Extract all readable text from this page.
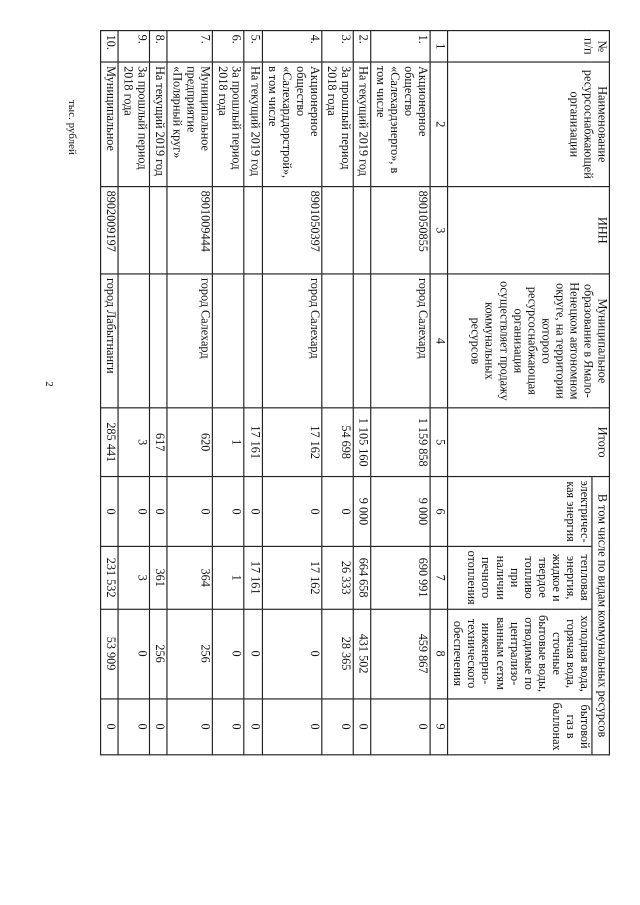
2
тыс. рублей
№ п/п	Наименование ресурсоснабжающей организации	ИНН	Муниципальное образование в Ямало-Ненецком автономном округе, на территории которого ресурсоснабжающая организация осуществляет продажу коммунальных ресурсов	Итого	В том числе по видам коммунальных ресурсов			
					электричес-кая энергия	тепловая энергия, жидкое и твердое топливо при наличии печного отопления	холодная вода, горячая вода, сточные бытовые воды, отводимые по централизо-ванным сетям инженерно-технического обеспечения	бытовой газ в баллонах
1	2	3	4	5	6	7	8	9
1.	Акционерное общество «Салехардэнерго», в том числе	8901050855	город Салехард	1 159 858	9 000	690 991	459 867	0
2.	На текущий 2019 год			1 105 160	9 000	664 658	431 502	0
3.	За прошлый период 2018 года			54 698	0	26 333	28 365	0
4.	Акционерное общество «Салехарддорстрой», в том числе	8901050397	город Салехард	17 162	0	17 162	0	0
5.	На текущий 2019 год			17 161	0	17 161	0	0
6.	За прошлый период 2018 года			1	0	1	0	0
7.	Муниципальное предприятие «Полярный круг»	8901009444	город Салехард	620	0	364	256	0
8.	На текущий 2019 год			617	0	361	256	0
9.	За прошлый период 2018 года			3	0	3	0	0
10.	Муниципальное	8902009197	город Лабытнанги	285 441	0	231 532	53 909	0
